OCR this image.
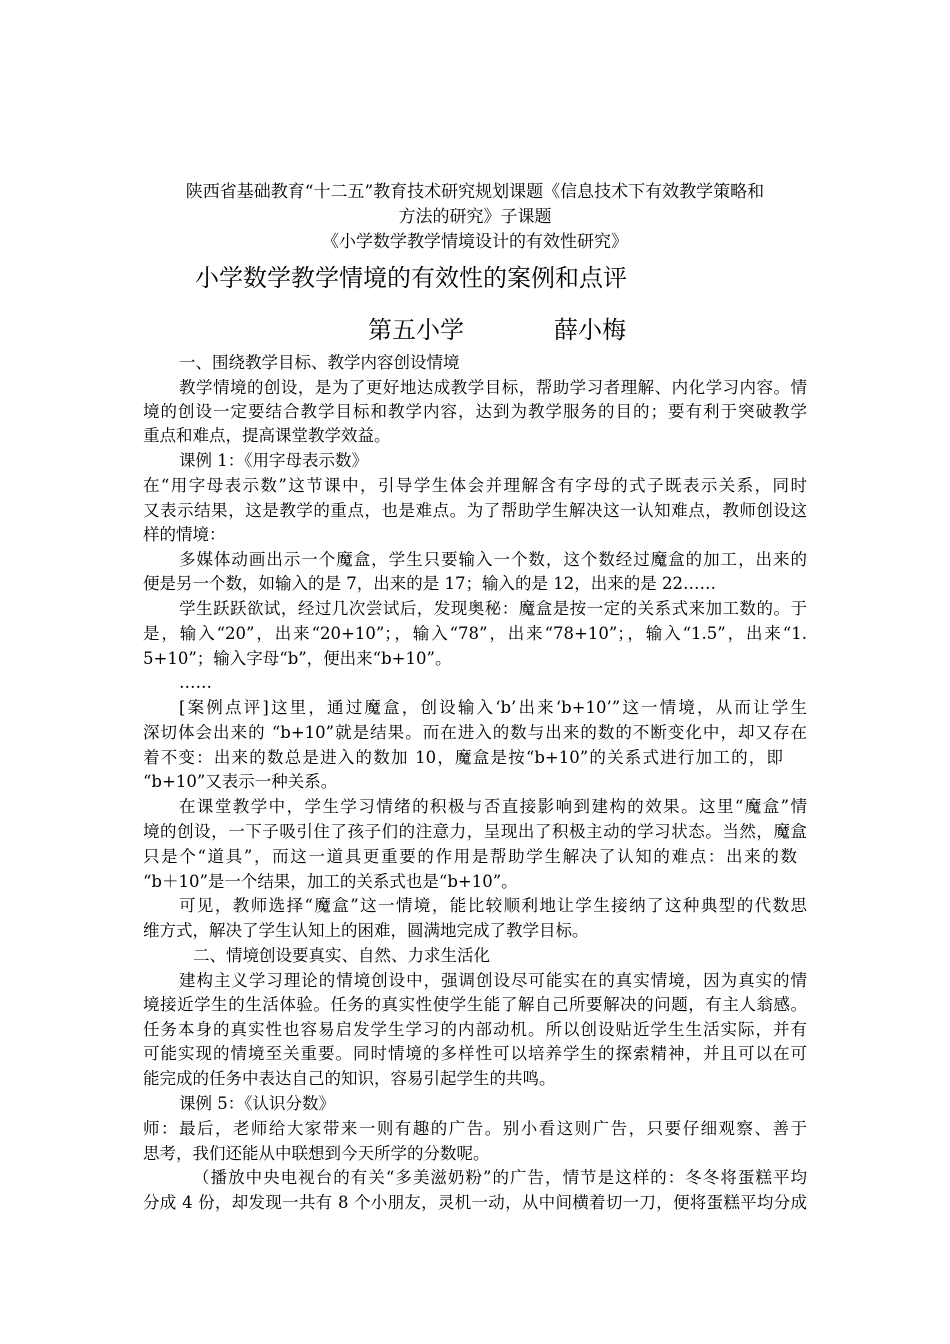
陕西省基础教育“十二五”教育技术研究规划课题《信息技术下有效教学策略和
方法的研究》子课题
《小学数学教学情境设计的有效性研究》
小学数学教学情境的有效性的案例和点评
第五小学	薛小梅
一、围绕教学目标、教学内容创设情境
教学情境的创设，是为了更好地达成教学目标，帮助学习者理解、内化学习内容。情
境的创设一定要结合教学目标和教学内容，达到为教学服务的目的；要有利于突破教学
重点和难点，提高课堂教学效益。
课例 1：《用字母表示数》
在“用字母表示数”这节课中，引导学生体会并理解含有字母的式子既表示关系，同时
又表示结果，这是教学的重点，也是难点。为了帮助学生解决这一认知难点，教师创设这
样的情境：
多媒体动画出示一个魔盒，学生只要输入一个数，这个数经过魔盒的加工，出来的
便是另一个数，如输入的是 7，出来的是 17；输入的是 12，出来的是 22……
学生跃跃欲试，经过几次尝试后，发现奥秘：魔盒是按一定的关系式来加工数的。于
是，输入“20”，出来“20+10”；，输入“78”，出来“78+10”；，输入“1.5”，出来“1.
5+10”；输入字母“b”，便出来“b+10”。
……
[案例点评]这里，通过魔盒，创设输入‘b’出来‘b+10’”这一情境，从而让学生
深切体会出来的 “b+10”就是结果。而在进入的数与出来的数的不断变化中，却又存在
着不变：出来的数总是进入的数加 10，魔盒是按“b+10”的关系式进行加工的，即
“b+10”又表示一种关系。
在课堂教学中，学生学习情绪的积极与否直接影响到建构的效果。这里“魔盒”情
境的创设，一下子吸引住了孩子们的注意力，呈现出了积极主动的学习状态。当然，魔盒
只是个“道具”，而这一道具更重要的作用是帮助学生解决了认知的难点：出来的数
“b＋10”是一个结果，加工的关系式也是“b+10”。
可见，教师选择“魔盒”这一情境，能比较顺利地让学生接纳了这种典型的代数思
维方式，解决了学生认知上的困难，圆满地完成了教学目标。
二、情境创设要真实、自然、力求生活化
建构主义学习理论的情境创设中，强调创设尽可能实在的真实情境，因为真实的情
境接近学生的生活体验。任务的真实性使学生能了解自己所要解决的问题，有主人翁感。
任务本身的真实性也容易启发学生学习的内部动机。所以创设贴近学生生活实际，并有
可能实现的情境至关重要。同时情境的多样性可以培养学生的探索精神，并且可以在可
能完成的任务中表达自己的知识，容易引起学生的共鸣。
课例 5：《认识分数》
师：最后，老师给大家带来一则有趣的广告。别小看这则广告，只要仔细观察、善于
思考，我们还能从中联想到今天所学的分数呢。
（播放中央电视台的有关“多美滋奶粉”的广告，情节是这样的：冬冬将蛋糕平均
分成 4 份，却发现一共有 8 个小朋友，灵机一动，从中间横着切一刀，便将蛋糕平均分成
